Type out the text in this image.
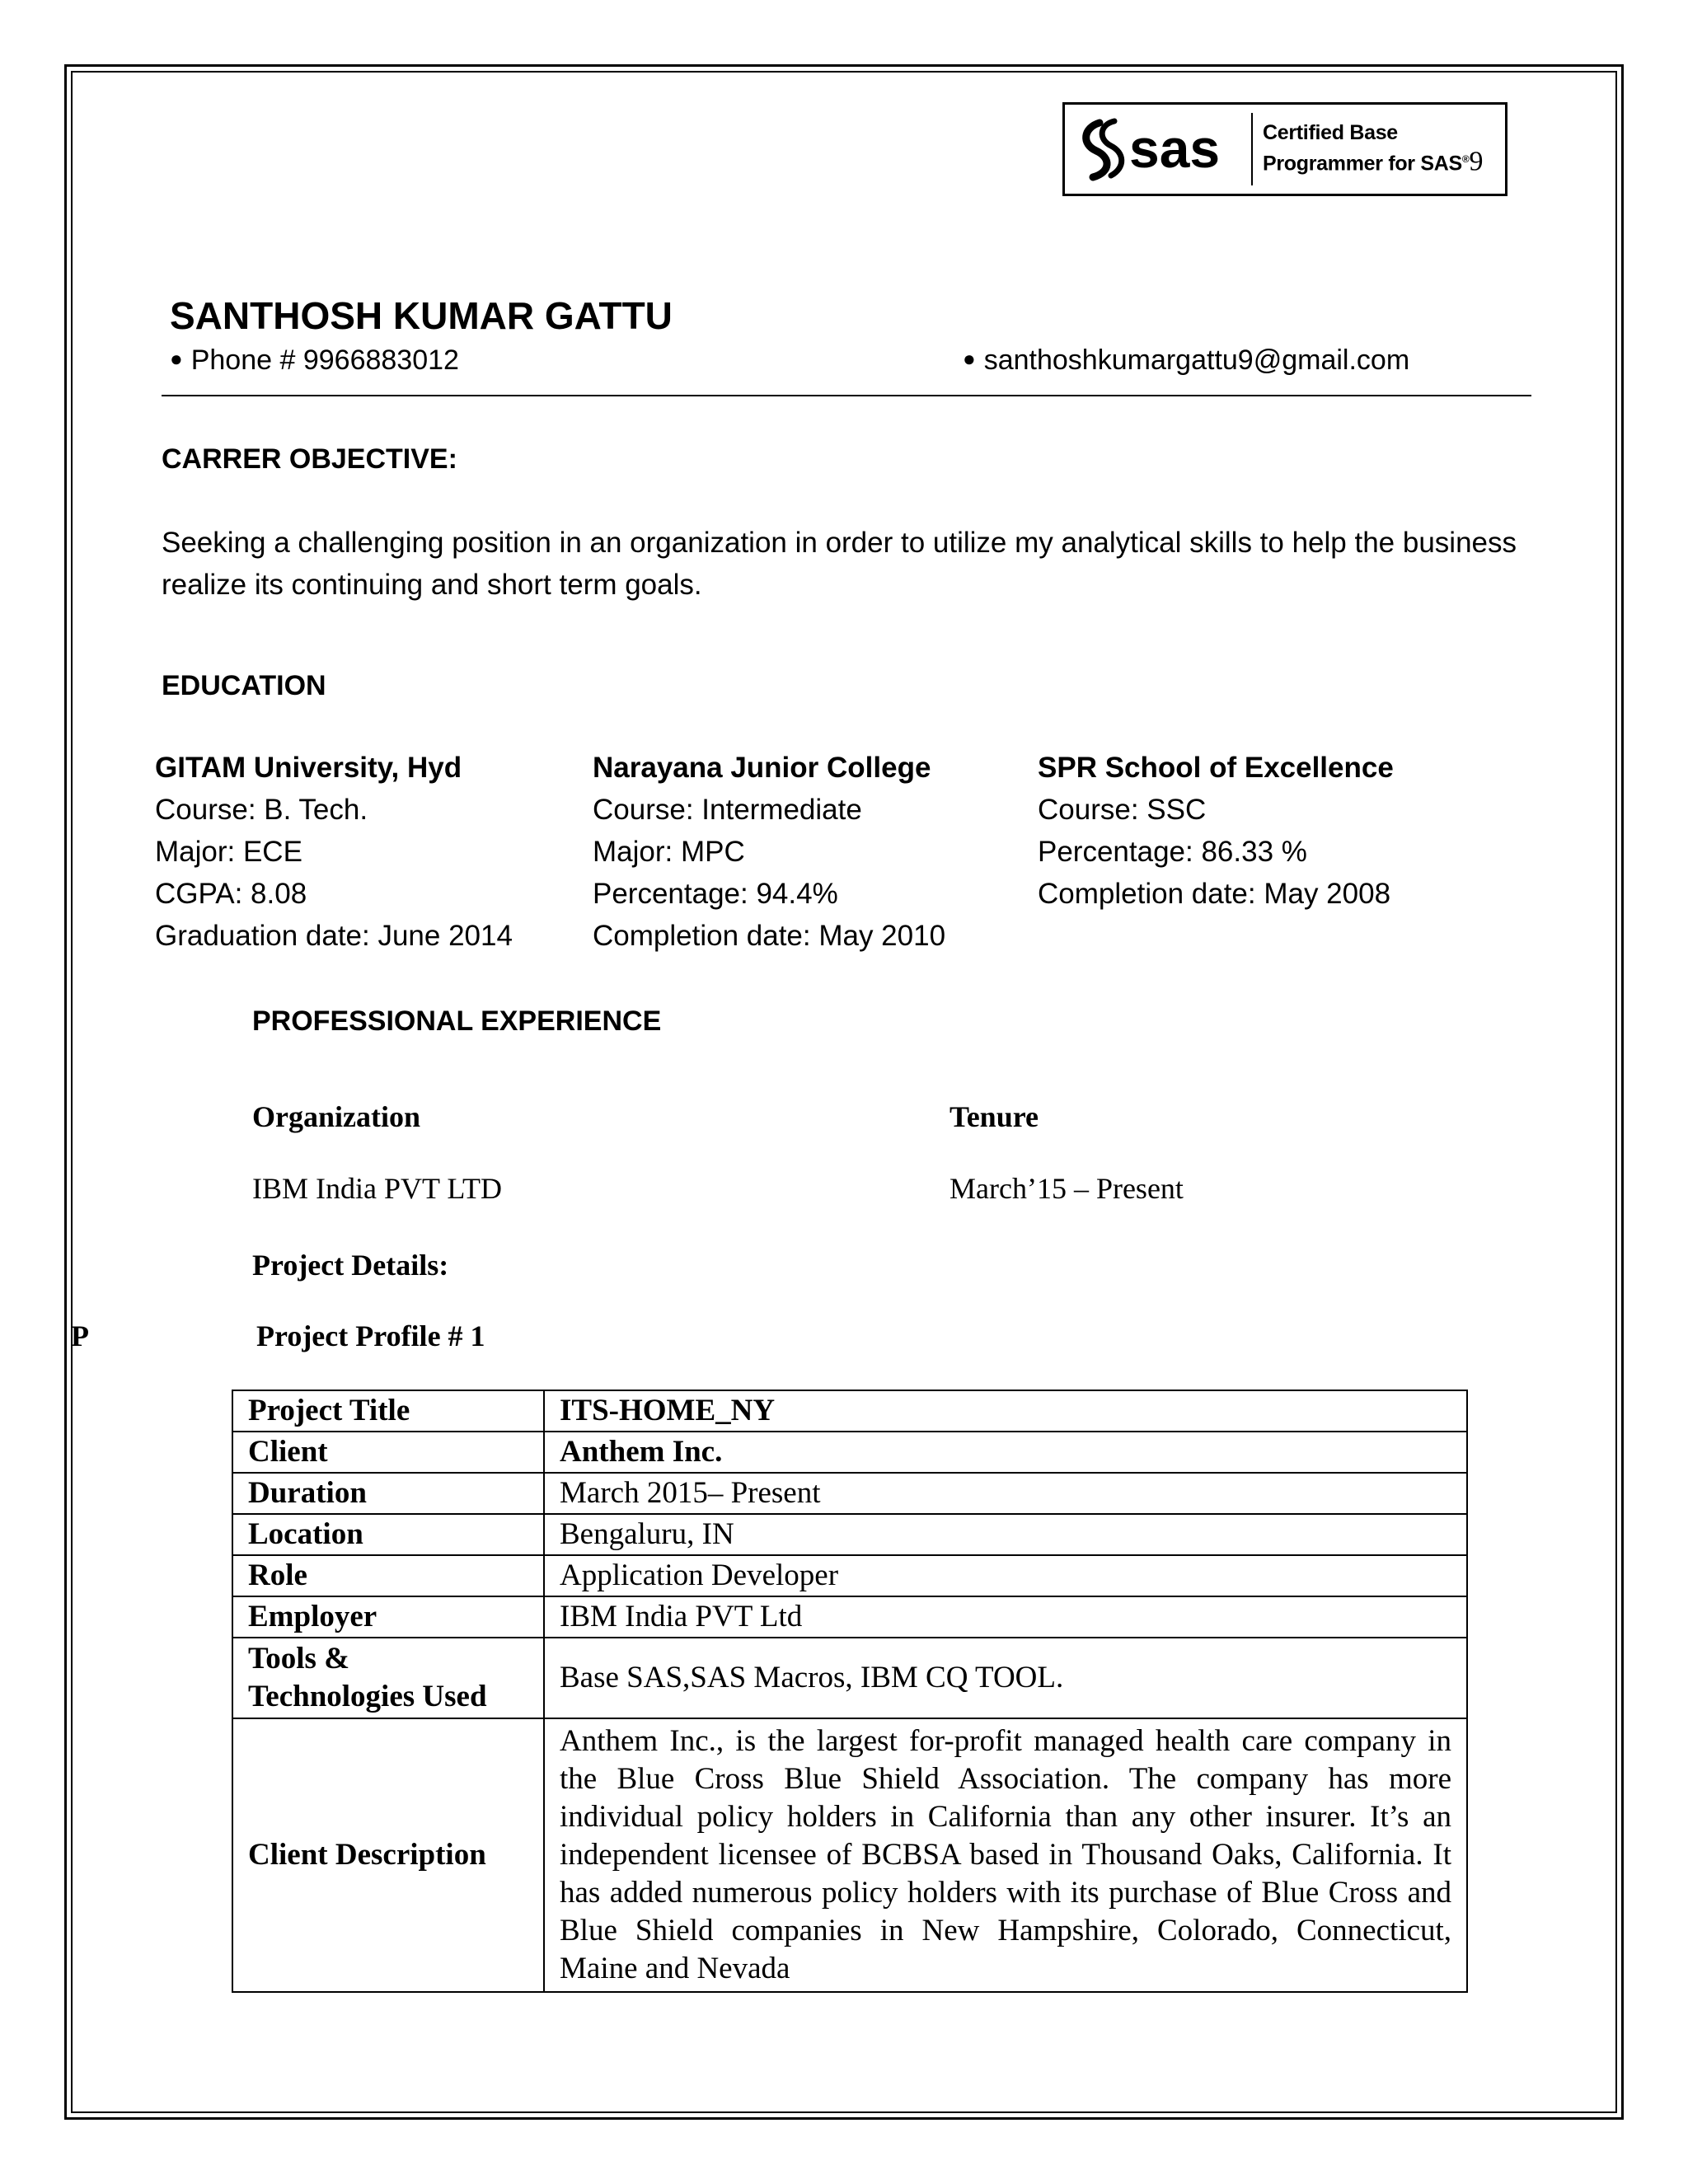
sas Certified Base
Programmer for SAS®9
SANTHOSH KUMAR GATTU
● Phone # 9966883012	● santhoshkumargattu9@gmail.com
CARRER OBJECTIVE:
Seeking a challenging position in an organization in order to utilize my analytical skills to help the business realize its continuing and short term goals.
EDUCATION
GITAM University, Hyd
Course: B. Tech.
Major: ECE
CGPA: 8.08
Graduation date: June 2014
Narayana Junior College
Course: Intermediate
Major: MPC
Percentage: 94.4%
Completion date: May 2010
SPR School of Excellence
Course: SSC
Percentage: 86.33 %
Completion date: May 2008
PROFESSIONAL EXPERIENCE
Organization	Tenure
IBM India PVT LTD	March’15 – Present
Project Details:
P	Project Profile # 1
Project Title	ITS-HOME_NY
Client	Anthem Inc.
Duration	March 2015– Present
Location	Bengaluru, IN
Role	Application Developer
Employer	IBM India PVT Ltd

Tools &
Technologies Used	Base SAS,SAS Macros, IBM CQ TOOL.
Client Description	Anthem Inc., is the largest for-profit managed health care company in the Blue Cross Blue Shield Association. The company has more individual policy holders in California than any other insurer. It’s an independent licensee of BCBSA based in Thousand Oaks, California. It has added numerous policy holders with its purchase of Blue Cross and Blue Shield companies in New Hampshire, Colorado, Connecticut, Maine and Nevada
